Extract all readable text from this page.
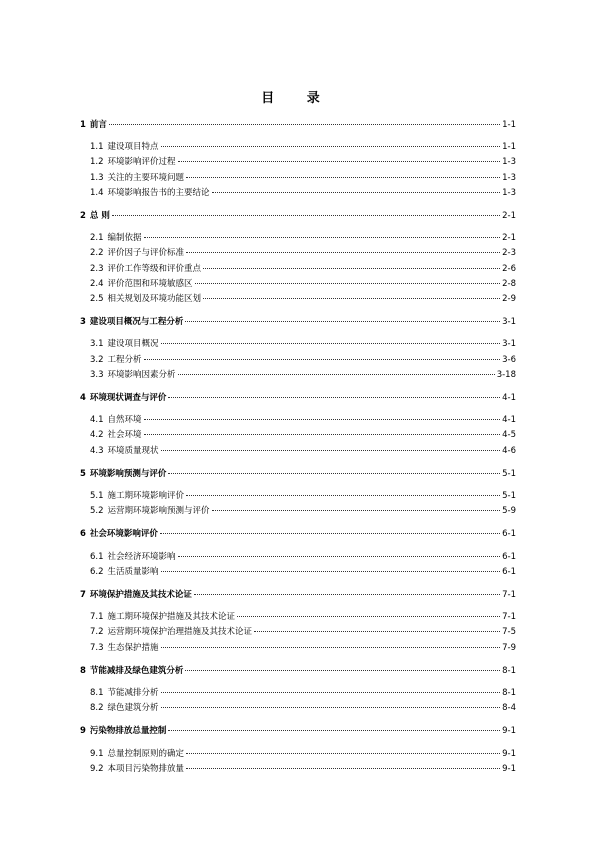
目 录
1 前言	1-1
1.1 建设项目特点	1-1
1.2 环境影响评价过程	1-3
1.3 关注的主要环境问题	1-3
1.4 环境影响报告书的主要结论	1-3
2 总 则	2-1
2.1 编制依据	2-1
2.2 评价因子与评价标准	2-3
2.3 评价工作等级和评价重点	2-6
2.4 评价范围和环境敏感区	2-8
2.5 相关规划及环境功能区划	2-9
3 建设项目概况与工程分析	3-1
3.1 建设项目概况	3-1
3.2 工程分析	3-6
3.3 环境影响因素分析	3-18
4 环境现状调查与评价	4-1
4.1 自然环境	4-1
4.2 社会环境	4-5
4.3 环境质量现状	4-6
5 环境影响预测与评价	5-1
5.1 施工期环境影响评价	5-1
5.2 运营期环境影响预测与评价	5-9
6 社会环境影响评价	6-1
6.1 社会经济环境影响	6-1
6.2 生活质量影响	6-1
7 环境保护措施及其技术论证	7-1
7.1 施工期环境保护措施及其技术论证	7-1
7.2 运营期环境保护治理措施及其技术论证	7-5
7.3 生态保护措施	7-9
8 节能减排及绿色建筑分析	8-1
8.1 节能减排分析	8-1
8.2 绿色建筑分析	8-4
9 污染物排放总量控制	9-1
9.1 总量控制原则的确定	9-1
9.2 本项目污染物排放量	9-1
